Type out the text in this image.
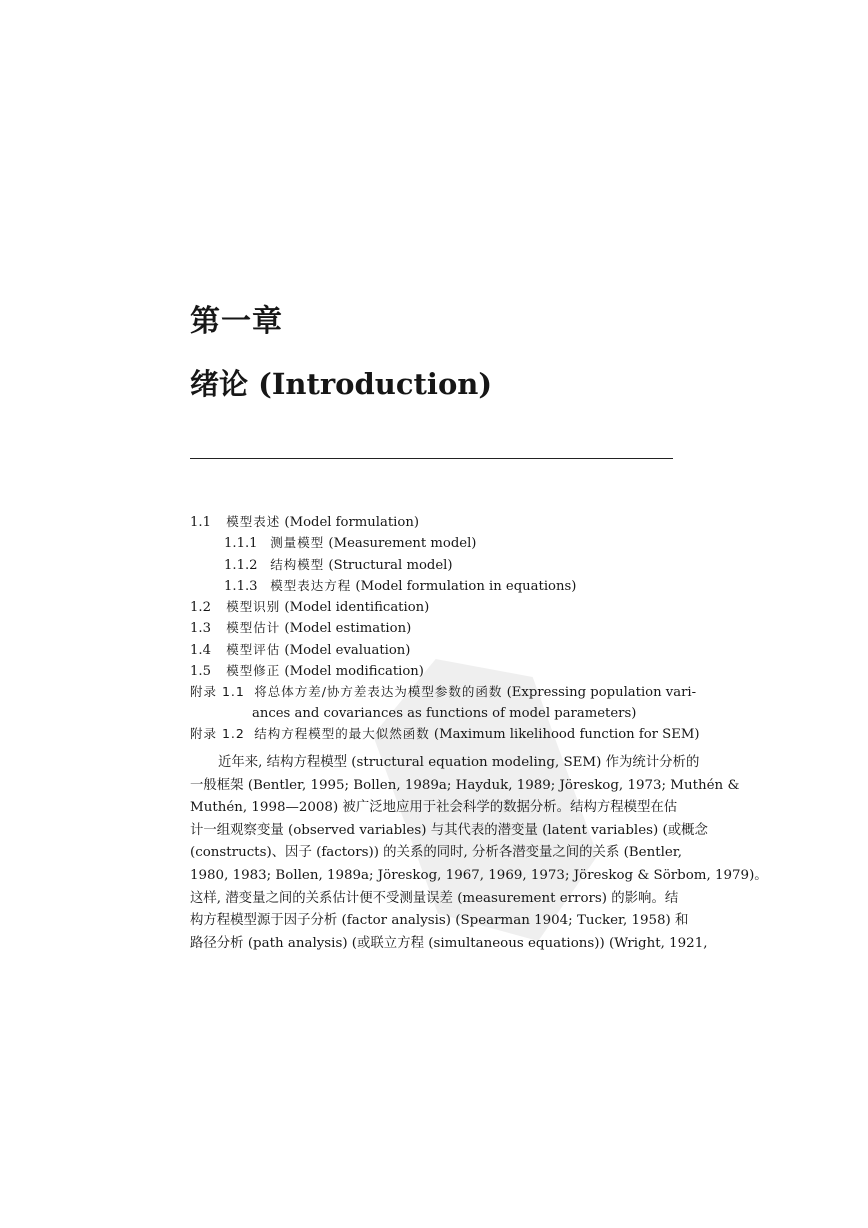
第一章
绪论 (Introduction)
1.1 模型表述 (Model formulation)
1.1.1 测量模型 (Measurement model)
1.1.2 结构模型 (Structural model)
1.1.3 模型表达方程 (Model formulation in equations)
1.2 模型识别 (Model identification)
1.3 模型估计 (Model estimation)
1.4 模型评估 (Model evaluation)
1.5 模型修正 (Model modification)
附录 1.1 将总体方差/协方差表达为模型参数的函数 (Expressing population vari-
ances and covariances as functions of model parameters)
附录 1.2 结构方程模型的最大似然函数 (Maximum likelihood function for SEM)
近年来, 结构方程模型 (structural equation modeling, SEM) 作为统计分析的
一般框架 (Bentler, 1995; Bollen, 1989a; Hayduk, 1989; Jöreskog, 1973; Muthén &
Muthén, 1998—2008) 被广泛地应用于社会科学的数据分析。结构方程模型在估
计一组观察变量 (observed variables) 与其代表的潜变量 (latent variables) (或概念
(constructs)、因子 (factors)) 的关系的同时, 分析各潜变量之间的关系 (Bentler,
1980, 1983; Bollen, 1989a; Jöreskog, 1967, 1969, 1973; Jöreskog & Sörbom, 1979)。
这样, 潜变量之间的关系估计便不受测量误差 (measurement errors) 的影响。结
构方程模型源于因子分析 (factor analysis) (Spearman 1904; Tucker, 1958) 和
路径分析 (path analysis) (或联立方程 (simultaneous equations)) (Wright, 1921,
